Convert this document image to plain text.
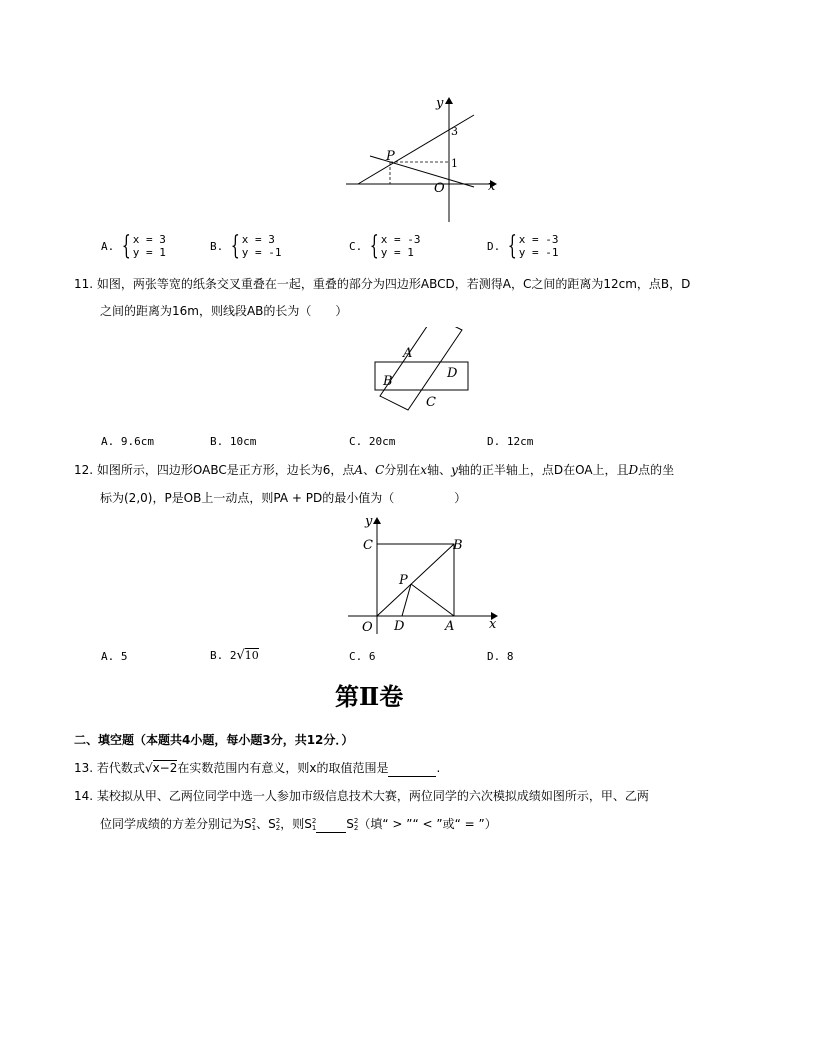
y
x
P
O
3
1
A. { x = 3
y = 1	B. { x = 3
y = -1	C. { x = -3
y = 1	D. { x = -3
y = -1
11. 如图，两张等宽的纸条交叉重叠在一起，重叠的部分为四边形ABCD，若测得A，C之间的距离为12cm，点B，D
之间的距离为16m，则线段AB的长为（　　）
A
B
D
C
A. 9.6cm	B. 10cm	C. 20cm	D. 12cm
12. 如图所示，四边形OABC是正方形，边长为6，点A、C分别在x轴、y轴的正半轴上，点D在OA上，且D点的坐
标为(2,0)，P是OB上一动点，则PA + PD的最小值为（　　　　　）
y
x
C	B
P
O D	A
A. 5	B. 2√10	C. 6	D. 8
第Ⅱ卷
二、填空题（本题共4小题，每小题3分，共12分．）
13. 若代数式√x−2在实数范围内有意义，则x的取值范围是	.
14. 某校拟从甲、乙两位同学中选一人参加市级信息技术大赛，两位同学的六次模拟成绩如图所示，甲、乙两
位同学成绩的方差分别记为S 2
1 、S 2
2 ，则S 2
1	S 2
2 （填“ > ”“ < ”或“ = ”）
